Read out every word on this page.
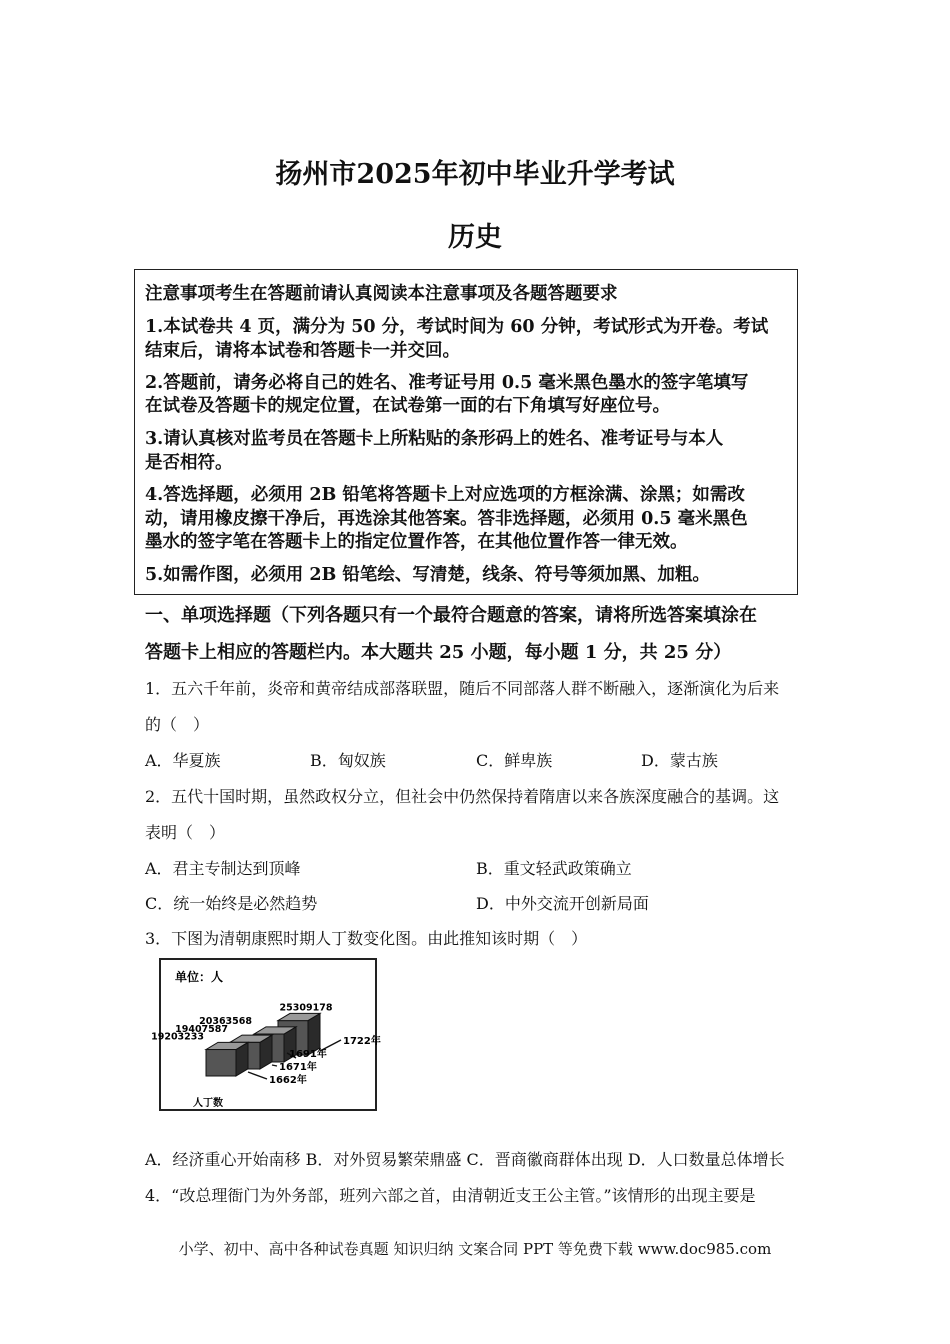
扬州市2025年初中毕业升学考试
历史
注意事项考生在答题前请认真阅读本注意事项及各题答题要求
1.本试卷共 4 页，满分为 50 分，考试时间为 60 分钟，考试形式为开卷。考试
结束后，请将本试卷和答题卡一并交回。
2.答题前，请务必将自己的姓名、准考证号用 0.5 毫米黑色墨水的签字笔填写
在试卷及答题卡的规定位置，在试卷第一面的右下角填写好座位号。
3.请认真核对监考员在答题卡上所粘贴的条形码上的姓名、准考证号与本人
是否相符。
4.答选择题，必须用 2B 铅笔将答题卡上对应选项的方框涂满、涂黑；如需改
动，请用橡皮擦干净后，再选涂其他答案。答非选择题，必须用 0.5 毫米黑色
墨水的签字笔在答题卡上的指定位置作答，在其他位置作答一律无效。
5.如需作图，必须用 2B 铅笔绘、写清楚，线条、符号等须加黑、加粗。
一、单项选择题（下列各题只有一个最符合题意的答案，请将所选答案填涂在
答题卡上相应的答题栏内。本大题共 25 小题，每小题 1 分，共 25 分）
1．五六千年前，炎帝和黄帝结成部落联盟，随后不同部落人群不断融入，逐渐演化为后来
的（　）
A．华夏族	B．匈奴族	C．鲜卑族	D．蒙古族
2．五代十国时期，虽然政权分立，但社会中仍然保持着隋唐以来各族深度融合的基调。这
表明（　）
A．君主专制达到顶峰	B．重文轻武政策确立
C．统一始终是必然趋势	D．中外交流开创新局面
3．下图为清朝康熙时期人丁数变化图。由此推知该时期（　）
单位：人
人丁数
25309178
1722年
20363568
1691年
19407587
1671年
19203233
1662年
A．经济重心开始南移 B．对外贸易繁荣鼎盛 C．晋商徽商群体出现 D．人口数量总体增长
4．“改总理衙门为外务部，班列六部之首，由清朝近支王公主管。”该情形的出现主要是
小学、初中、高中各种试卷真题 知识归纳 文案合同 PPT 等免费下载 www.doc985.com
